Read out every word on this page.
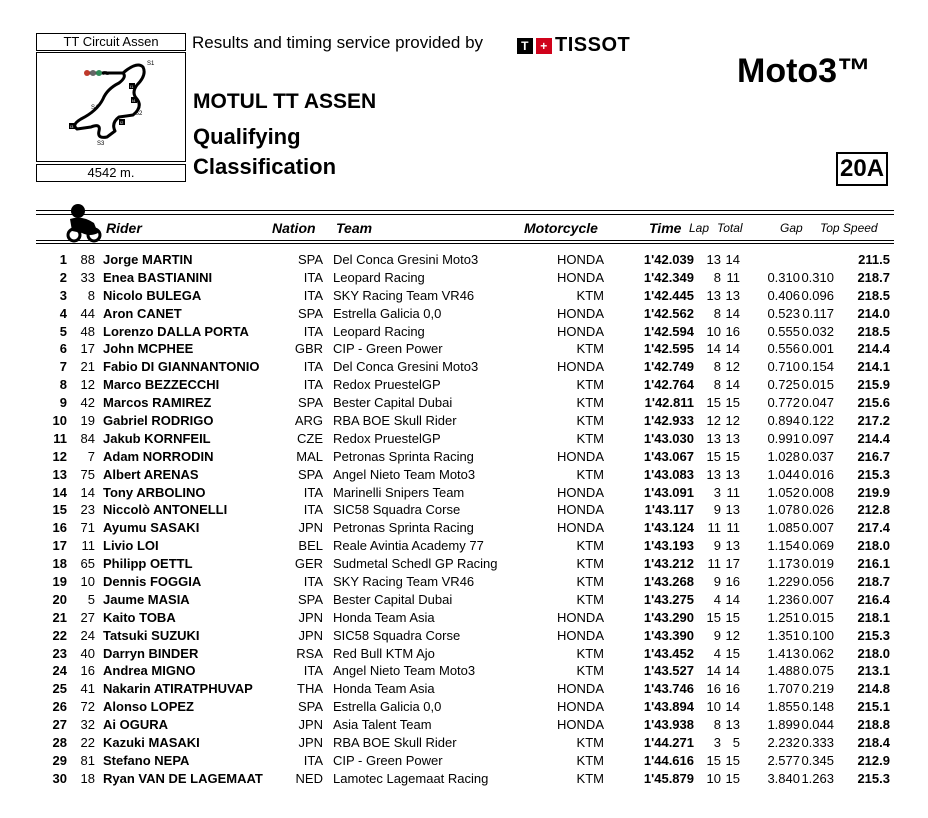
TT Circuit Assen
S1
S2
S3
S4
FL
I1
I2
I3
I4
4542 m.
Results and timing service provided by	T + TISSOT
Moto3™
MOTUL TT ASSEN
Qualifying
Classification	20A
Rider	Nation Team	Motorcycle	Time Lap Total	Gap Top Speed
1 88 Jorge MARTIN	SPA Del Conca Gresini Moto3	HONDA	1'42.039 13 14	211.5
2 33 Enea BASTIANINI	ITA Leopard Racing	HONDA	1'42.349 8 11 0.310 0.310 218.7
3 8 Nicolo BULEGA	ITA SKY Racing Team VR46	KTM	1'42.445 13 13 0.406 0.096 218.5
4 44 Aron CANET	SPA Estrella Galicia 0,0	HONDA	1'42.562 8 14 0.523 0.117 214.0
5 48 Lorenzo DALLA PORTA	ITA Leopard Racing	HONDA	1'42.594 10 16 0.555 0.032 218.5
6 17 John MCPHEE	GBR CIP - Green Power	KTM	1'42.595 14 14 0.556 0.001 214.4
7 21 Fabio DI GIANNANTONIO	ITA Del Conca Gresini Moto3	HONDA	1'42.749 8 12 0.710 0.154 214.1
8 12 Marco BEZZECCHI	ITA Redox PruestelGP	KTM	1'42.764 8 14 0.725 0.015 215.9
9 42 Marcos RAMIREZ	SPA Bester Capital Dubai	KTM	1'42.811 15 15 0.772 0.047 215.6
10 19 Gabriel RODRIGO	ARG RBA BOE Skull Rider	KTM	1'42.933 12 12 0.894 0.122 217.2
11 84 Jakub KORNFEIL	CZE Redox PruestelGP	KTM	1'43.030 13 13 0.991 0.097 214.4
12 7 Adam NORRODIN	MAL Petronas Sprinta Racing	HONDA	1'43.067 15 15 1.028 0.037 216.7
13 75 Albert ARENAS	SPA Angel Nieto Team Moto3	KTM	1'43.083 13 13 1.044 0.016 215.3
14 14 Tony ARBOLINO	ITA Marinelli Snipers Team	HONDA	1'43.091 3 11 1.052 0.008 219.9
15 23 Niccolò ANTONELLI	ITA SIC58 Squadra Corse	HONDA	1'43.117 9 13 1.078 0.026 212.8
16 71 Ayumu SASAKI	JPN Petronas Sprinta Racing	HONDA	1'43.124 11 11 1.085 0.007 217.4
17 11 Livio LOI	BEL Reale Avintia Academy 77	KTM	1'43.193 9 13 1.154 0.069 218.0
18 65 Philipp OETTL	GER Sudmetal Schedl GP Racing	KTM	1'43.212 11 17 1.173 0.019 216.1
19 10 Dennis FOGGIA	ITA SKY Racing Team VR46	KTM	1'43.268 9 16 1.229 0.056 218.7
20 5 Jaume MASIA	SPA Bester Capital Dubai	KTM	1'43.275 4 14 1.236 0.007 216.4
21 27 Kaito TOBA	JPN Honda Team Asia	HONDA	1'43.290 15 15 1.251 0.015 218.1
22 24 Tatsuki SUZUKI	JPN SIC58 Squadra Corse	HONDA	1'43.390 9 12 1.351 0.100 215.3
23 40 Darryn BINDER	RSA Red Bull KTM Ajo	KTM	1'43.452 4 15 1.413 0.062 218.0
24 16 Andrea MIGNO	ITA Angel Nieto Team Moto3	KTM	1'43.527 14 14 1.488 0.075 213.1
25 41 Nakarin ATIRATPHUVAP	THA Honda Team Asia	HONDA	1'43.746 16 16 1.707 0.219 214.8
26 72 Alonso LOPEZ	SPA Estrella Galicia 0,0	HONDA	1'43.894 10 14 1.855 0.148 215.1
27 32 Ai OGURA	JPN Asia Talent Team	HONDA	1'43.938 8 13 1.899 0.044 218.8
28 22 Kazuki MASAKI	JPN RBA BOE Skull Rider	KTM	1'44.271 3 5 2.232 0.333 218.4
29 81 Stefano NEPA	ITA CIP - Green Power	KTM	1'44.616 15 15 2.577 0.345 212.9
30 18 Ryan VAN DE LAGEMAAT	NED Lamotec Lagemaat Racing	KTM	1'45.879 10 15 3.840 1.263 215.3
